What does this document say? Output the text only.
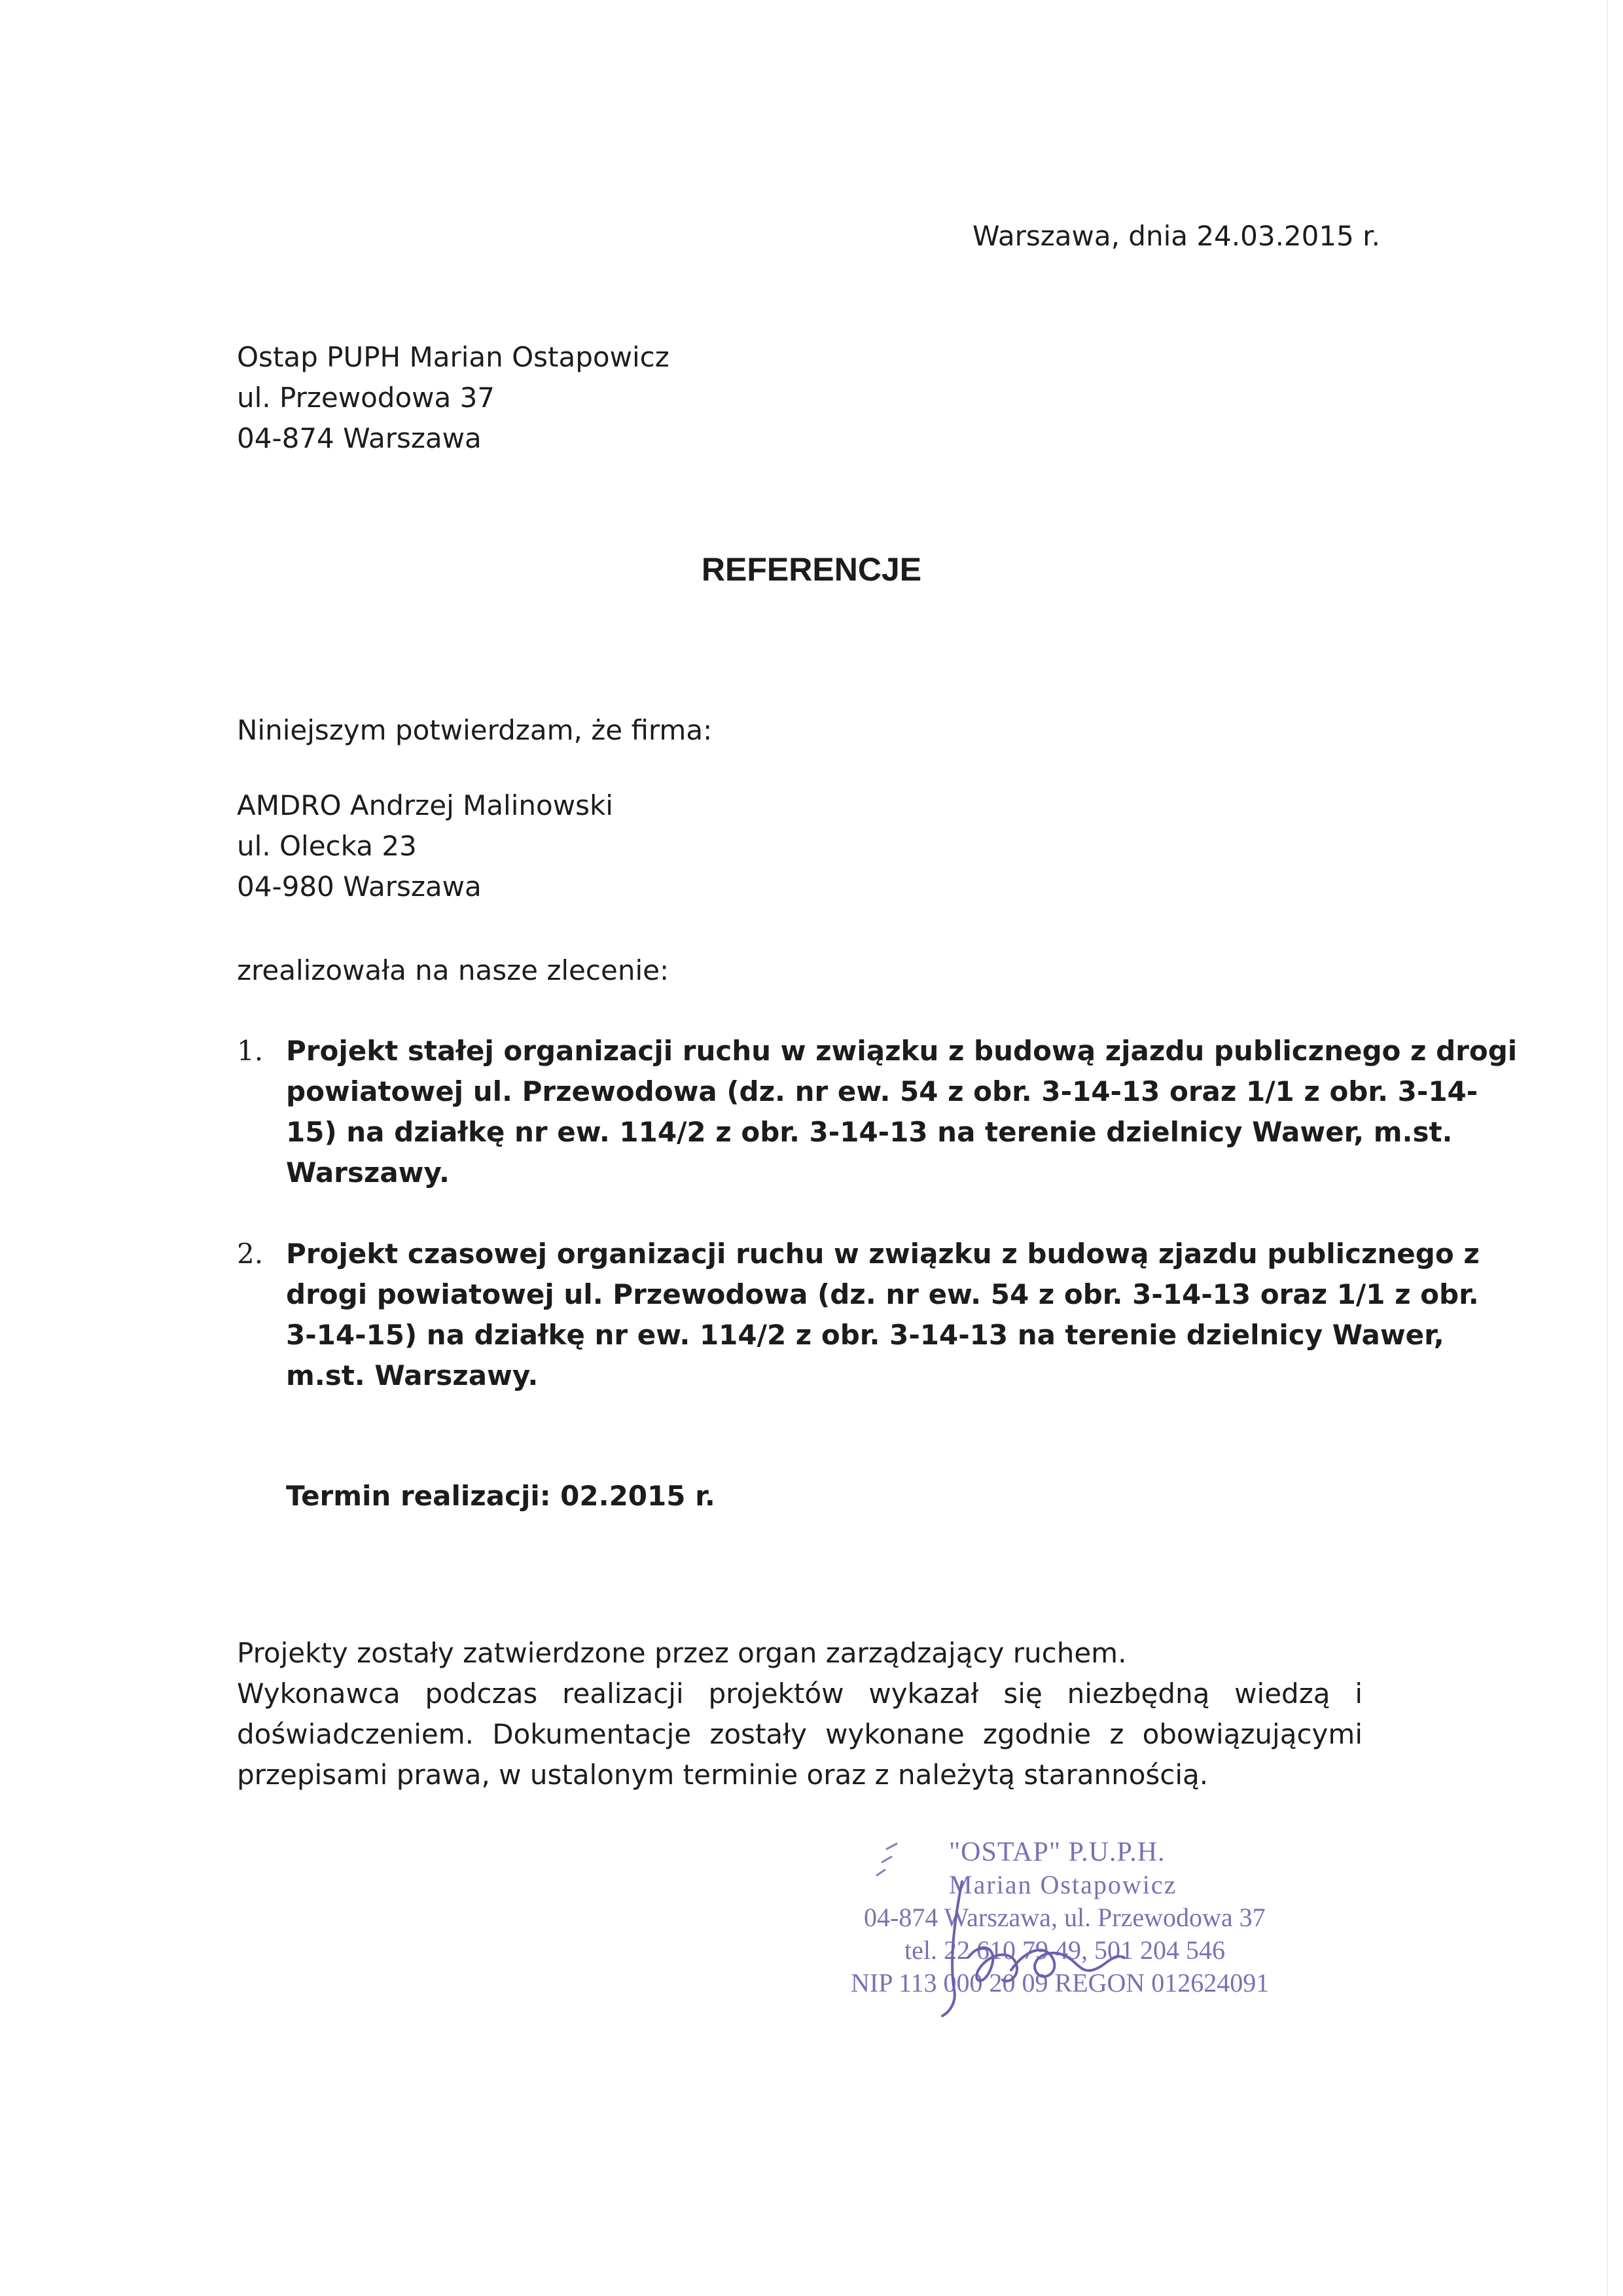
Warszawa, dnia 24.03.2015 r.
Ostap PUPH Marian Ostapowicz
ul. Przewodowa 37
04-874 Warszawa
REFERENCJE
Niniejszym potwierdzam, że firma:
AMDRO Andrzej Malinowski
ul. Olecka 23
04-980 Warszawa
zrealizowała na nasze zlecenie:
1. Projekt stałej organizacji ruchu w związku z budową zjazdu publicznego z drogi
powiatowej ul. Przewodowa (dz. nr ew. 54 z obr. 3-14-13 oraz 1/1 z obr. 3-14-
15) na działkę nr ew. 114/2 z obr. 3-14-13 na terenie dzielnicy Wawer, m.st.
Warszawy.
2. Projekt czasowej organizacji ruchu w związku z budową zjazdu publicznego z
drogi powiatowej ul. Przewodowa (dz. nr ew. 54 z obr. 3-14-13 oraz 1/1 z obr.
3-14-15) na działkę nr ew. 114/2 z obr. 3-14-13 na terenie dzielnicy Wawer,
m.st. Warszawy.
Termin realizacji: 02.2015 r.
Projekty zostały zatwierdzone przez organ zarządzający ruchem.
Wykonawca podczas realizacji projektów wykazał się niezbędną wiedzą i
doświadczeniem. Dokumentacje zostały wykonane zgodnie z obowiązującymi
przepisami prawa, w ustalonym terminie oraz z należytą starannością.
"OSTAP" P.U.P.H.
Marian Ostapowicz
04-874 Warszawa, ul. Przewodowa 37
tel. 22 610 79 49, 501 204 546
NIP 113 000 20 09 REGON 012624091
